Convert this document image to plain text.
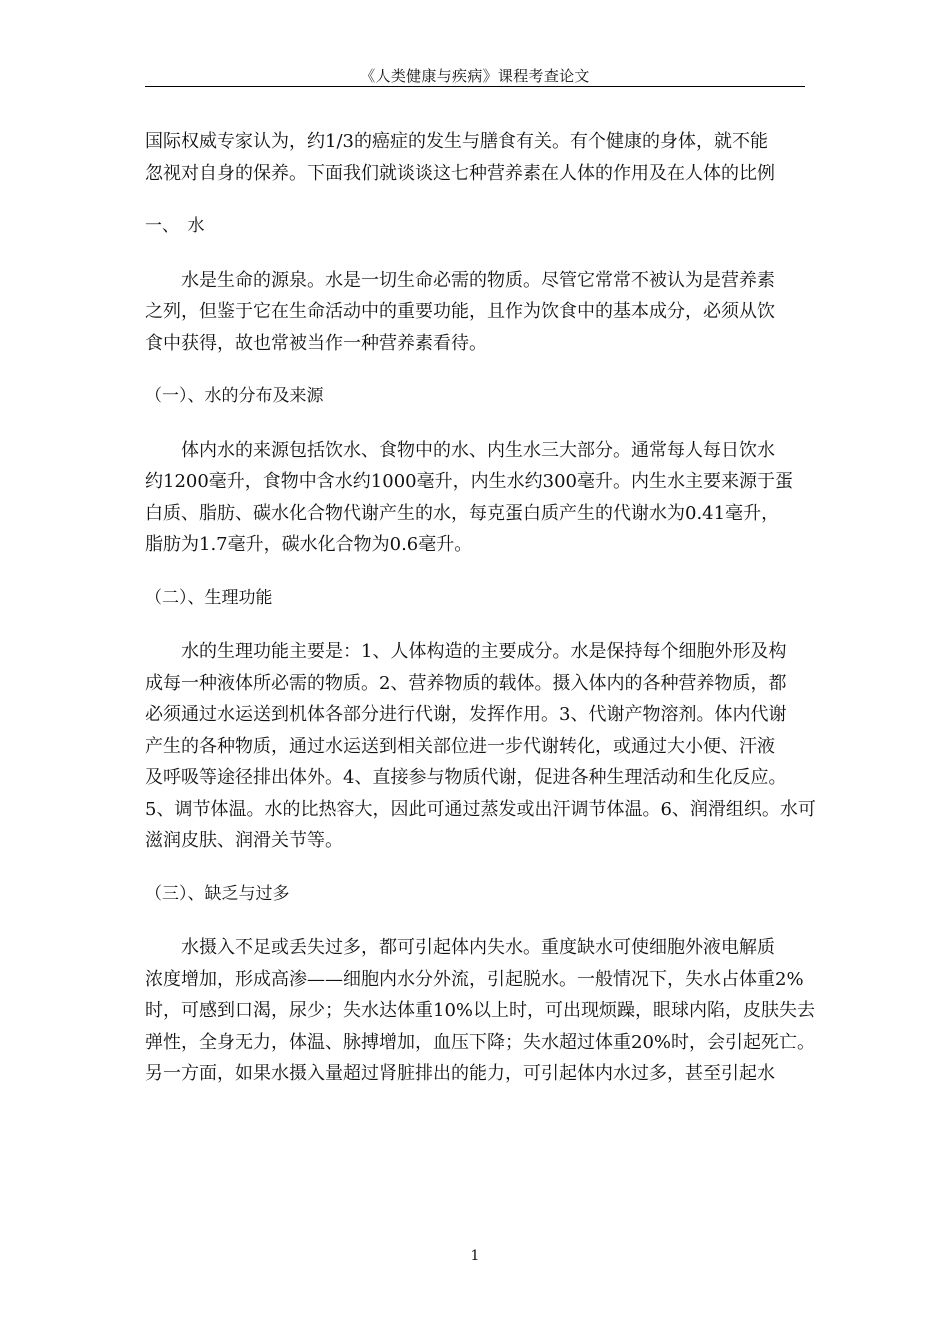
《人类健康与疾病》课程考查论文
国际权威专家认为，约1/3的癌症的发生与膳食有关。有个健康的身体，就不能
忽视对自身的保养。下面我们就谈谈这七种营养素在人体的作用及在人体的比例
一、　水
水是生命的源泉。水是一切生命必需的物质。尽管它常常不被认为是营养素
之列，但鉴于它在生命活动中的重要功能，且作为饮食中的基本成分，必须从饮
食中获得，故也常被当作一种营养素看待。
（一）、水的分布及来源
体内水的来源包括饮水、食物中的水、内生水三大部分。通常每人每日饮水
约1200毫升，食物中含水约1000毫升，内生水约300毫升。内生水主要来源于蛋
白质、脂肪、碳水化合物代谢产生的水，每克蛋白质产生的代谢水为0.41毫升，
脂肪为1.7毫升，碳水化合物为0.6毫升。
（二）、生理功能
水的生理功能主要是：1、人体构造的主要成分。水是保持每个细胞外形及构
成每一种液体所必需的物质。2、营养物质的载体。摄入体内的各种营养物质，都
必须通过水运送到机体各部分进行代谢，发挥作用。3、代谢产物溶剂。体内代谢
产生的各种物质，通过水运送到相关部位进一步代谢转化，或通过大小便、汗液
及呼吸等途径排出体外。4、直接参与物质代谢，促进各种生理活动和生化反应。
5、调节体温。水的比热容大，因此可通过蒸发或出汗调节体温。6、润滑组织。水可
滋润皮肤、润滑关节等。
（三）、缺乏与过多
水摄入不足或丢失过多，都可引起体内失水。重度缺水可使细胞外液电解质
浓度增加，形成高渗——细胞内水分外流，引起脱水。一般情况下，失水占体重2%
时，可感到口渴，尿少；失水达体重10%以上时，可出现烦躁，眼球内陷，皮肤失去
弹性，全身无力，体温、脉搏增加，血压下降；失水超过体重20%时，会引起死亡。
另一方面，如果水摄入量超过肾脏排出的能力，可引起体内水过多，甚至引起水
1
